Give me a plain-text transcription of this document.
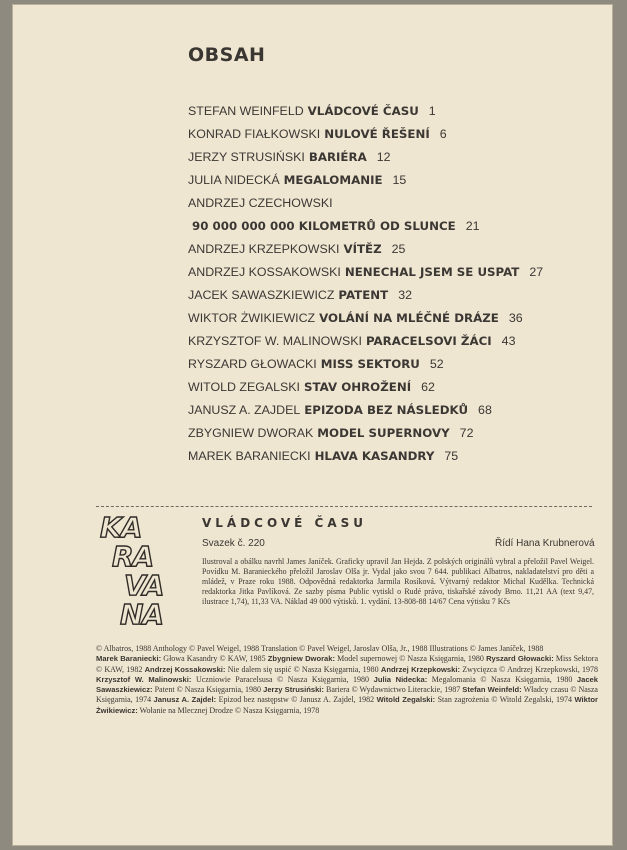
OBSAH
STEFAN WEINFELD VLÁDCOVÉ ČASU 1
KONRAD FIAŁKOWSKI NULOVÉ ŘEŠENÍ 6
JERZY STRUSIŃSKI BARIÉRA 12
JULIA NIDECKÁ MEGALOMANIE 15
ANDRZEJ CZECHOWSKI
90 000 000 000 KILOMETRŮ OD SLUNCE 21
ANDRZEJ KRZEPKOWSKI VÍTĚZ 25
ANDRZEJ KOSSAKOWSKI NENECHAL JSEM SE USPAT 27
JACEK SAWASZKIEWICZ PATENT 32
WIKTOR ŻWIKIEWICZ VOLÁNÍ NA MLÉČNÉ DRÁZE 36
KRZYSZTOF W. MALINOWSKI PARACELSOVI ŽÁCI 43
RYSZARD GŁOWACKI MISS SEKTORU 52
WITOLD ZEGALSKI STAV OHROŽENÍ 62
JANUSZ A. ZAJDEL EPIZODA BEZ NÁSLEDKŮ 68
ZBYGNIEW DWORAK MODEL SUPERNOVY 72
MAREK BARANIECKI HLAVA KASANDRY 75
KA
RA
VA
NA
VLÁDCOVÉ ČASU
Svazek č. 220	Řídí Hana Krubnerová
Ilustroval a obálku navrhl James Janíček. Graficky upravil Jan Hejda. Z polských originálů vybral a přeložil Pavel Weigel. Povídku M. Baranieckého přeložil Jaroslav Olša jr. Vydal jako svou 7 644. publikaci Albatros, nakladatelství pro děti a mládež, v Praze roku 1988. Odpovědná redaktorka Jarmila Rosíková. Výtvarný redaktor Michal Kudělka. Technická redaktorka Jitka Pavlíková. Ze sazby písma Public vytiskl o Rudé právo, tiskařské závody Brno. 11,21 AA (text 9,47, ilustrace 1,74), 11,33 VA. Náklad 49 000 výtisků. 1. vydání. 13-808-88 14/67 Cena výtisku 7 Kčs
© Albatros, 1988 Anthology © Pavel Weigel, 1988 Translation © Pavel Weigel, Jaroslav Olša, Jr., 1988 Illustrations © James Janíček, 1988
Marek Baraniecki: Głowa Kasandry © KAW, 1985 Zbygniew Dworak: Model supernowej © Nasza Księgarnia, 1980 Ryszard Głowacki: Miss Sektora © KAW, 1982 Andrzej Kossakowski: Nie dalem się uspić © Nasza Księgarnia, 1980 Andrzej Krzepkowski: Zwycięzca © Andrzej Krzepkowski, 1978 Krzysztof W. Malinowski: Uczniowie Paracelsusa © Nasza Księgarnia, 1980 Julia Nidecka: Megalomania © Nasza Księgarnia, 1980 Jacek Sawaszkiewicz: Patent © Nasza Księgarnia, 1980 Jerzy Strusiński: Bariera © Wydawnictwo Literackie, 1987 Stefan Weinfeld: Władcy czasu © Nasza Księgarnia, 1974 Janusz A. Zajdel: Epizod bez następstw © Janusz A. Zajdel, 1982 Witold Zegalski: Stan zagrożenia © Witold Zegalski, 1974 Wiktor Żwikiewicz: Wołanie na Mlecznej Drodze © Nasza Księgarnia, 1978
